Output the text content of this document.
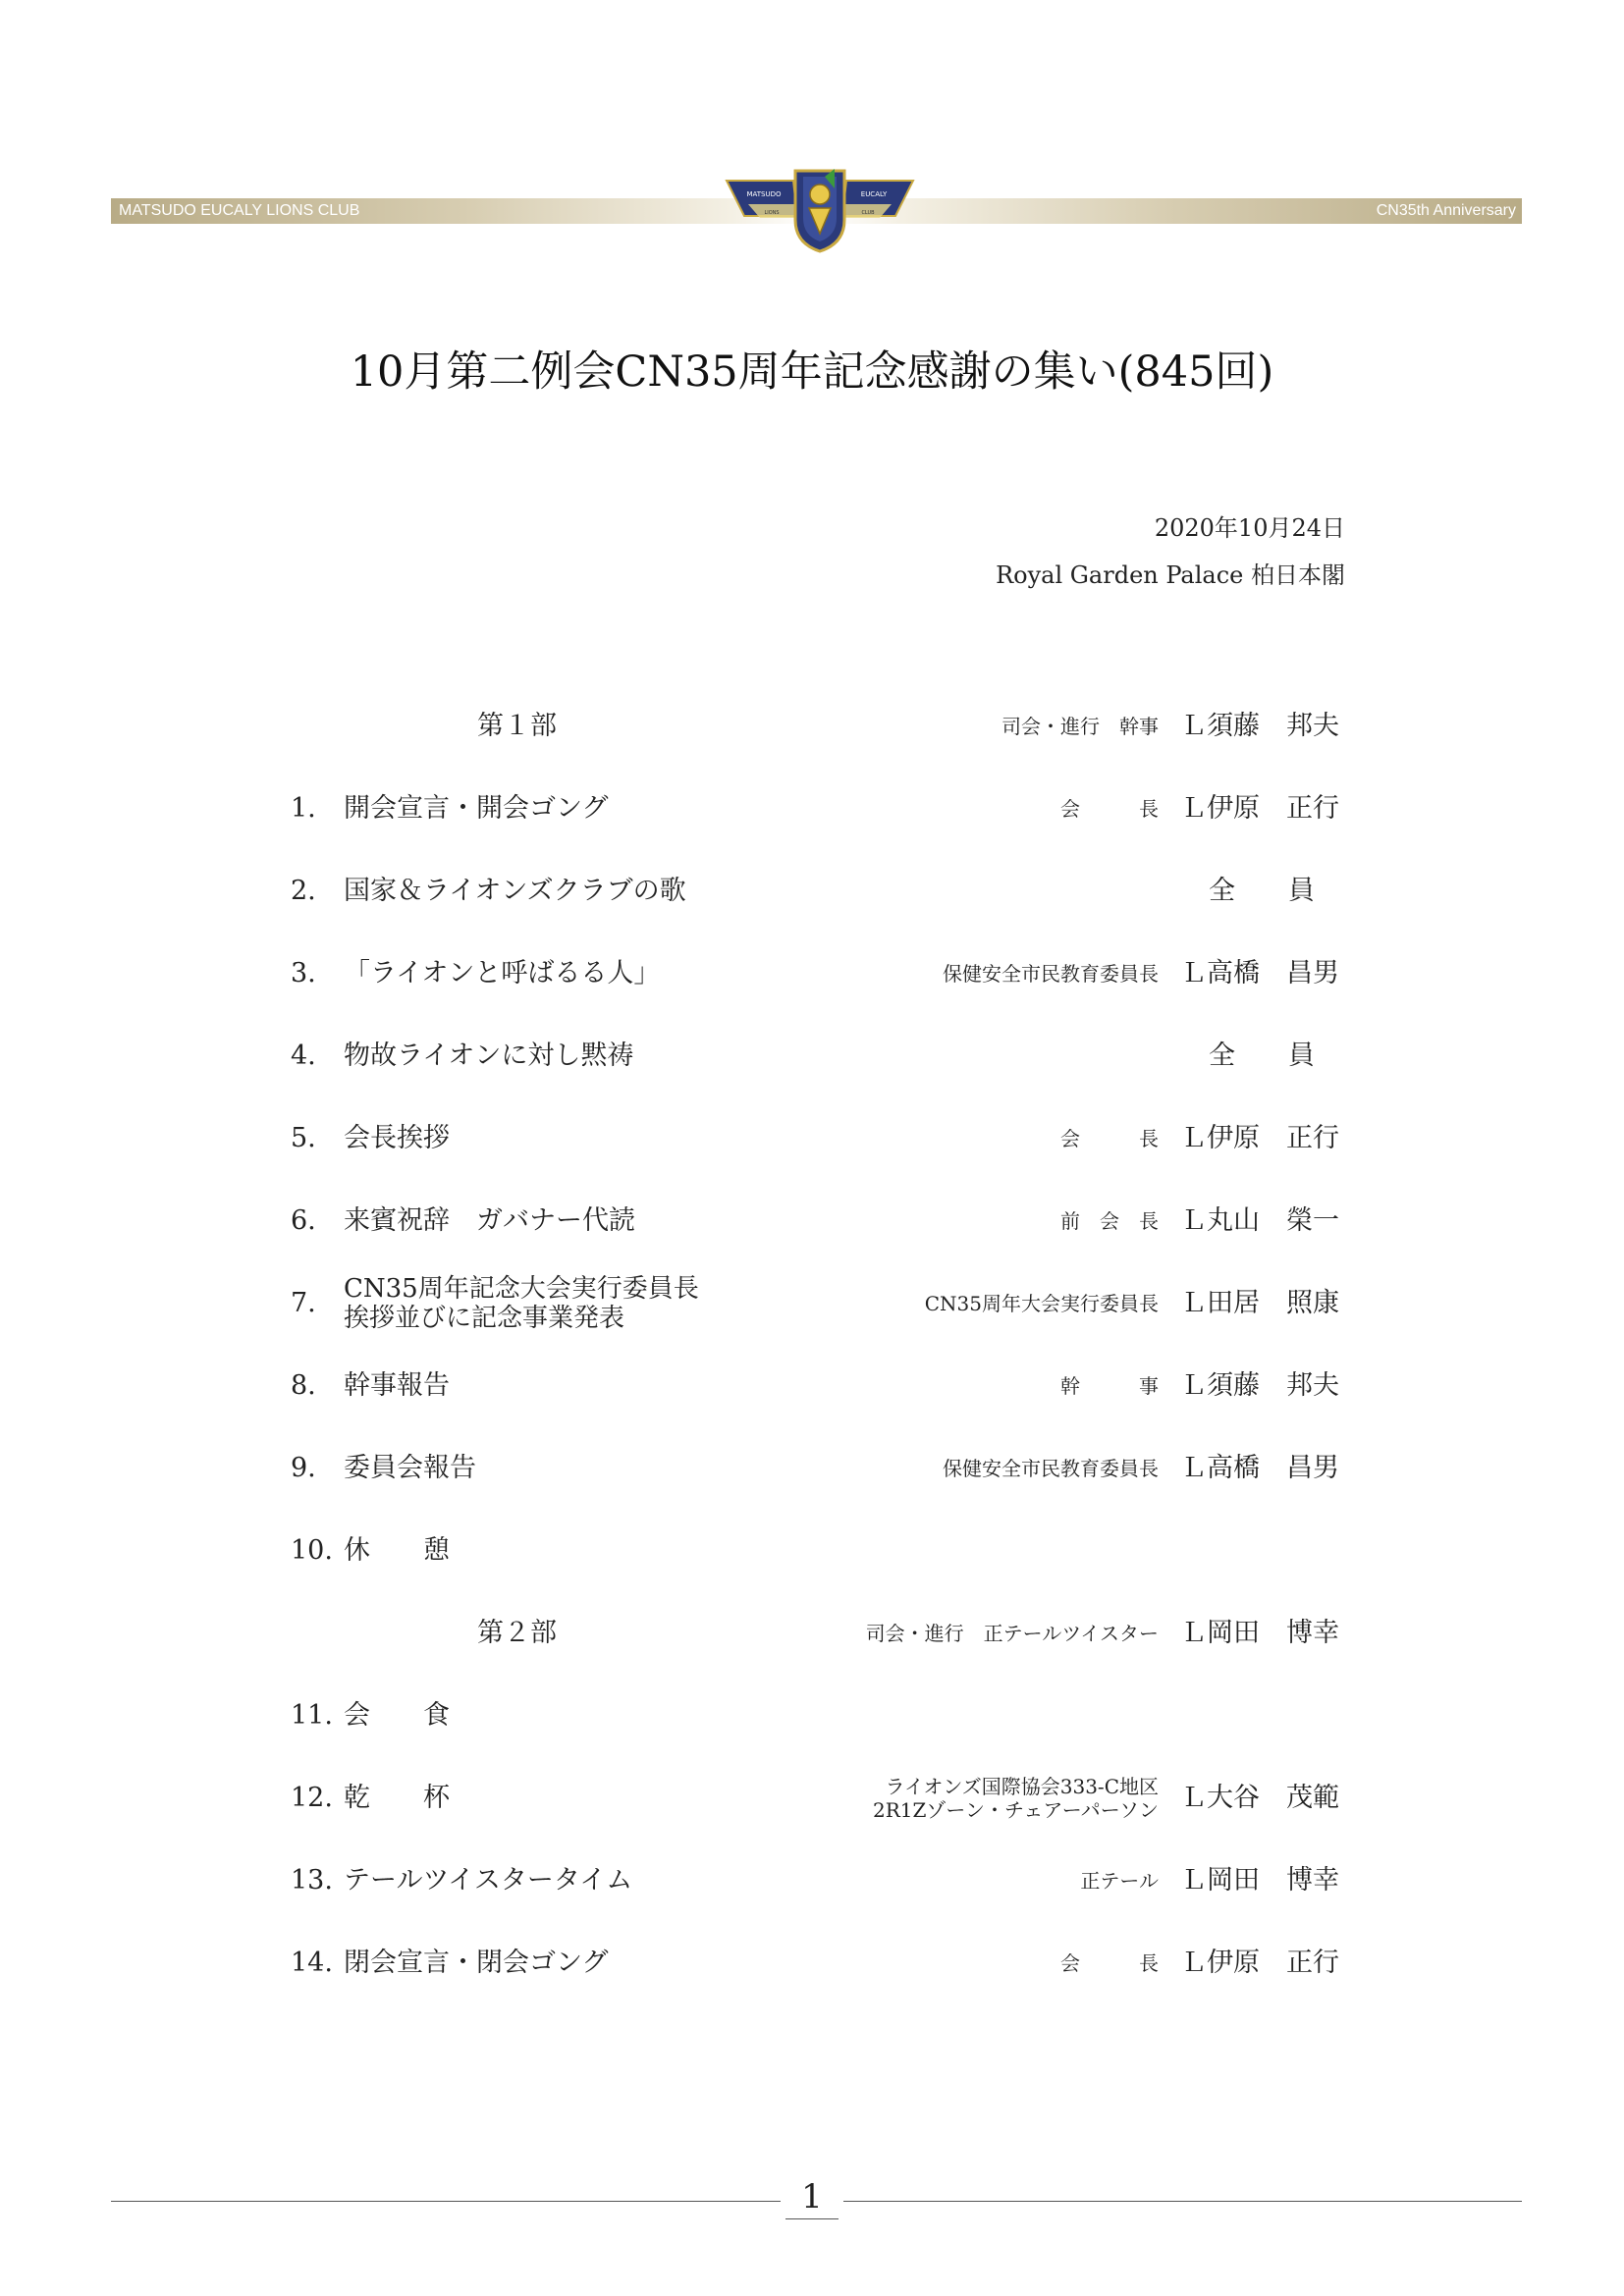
MATSUDO EUCALY LIONS CLUB	CN35th Anniversary
MATSUDO	EUCALY
LIONS	CLUB
10月第二例会CN35周年記念感謝の集い(845回)
2020年10月24日
Royal Garden Palace 柏日本閣
第１部	司会・進行　幹事 Ｌ須藤　邦夫
1.	開会宣言・開会ゴング	会　　　長 Ｌ伊原　正行
2.	国家＆ライオンズクラブの歌	全　　員
3.	「ライオンと呼ばるる人」	保健安全市民教育委員長 Ｌ高橋　昌男
4.	物故ライオンに対し黙祷	全　　員
5.	会長挨拶	会　　　長 Ｌ伊原　正行
6.	来賓祝辞　ガバナー代読	前　会　長 Ｌ丸山　榮一
7.	CN35周年記念大会実行委員長
挨拶並びに記念事業発表	CN35周年大会実行委員長 Ｌ田居　照康
8.	幹事報告	幹　　　事 Ｌ須藤　邦夫
9.	委員会報告	保健安全市民教育委員長 Ｌ高橋　昌男
10. 休　　憩
第２部	司会・進行　正テールツイスター Ｌ岡田　博幸
11. 会　　食
12. 乾　　杯	ライオンズ国際協会333-C地区
2R1Zゾーン・チェアーパーソン Ｌ大谷　茂範
13. テールツイスタータイム	正テール Ｌ岡田　博幸
14. 閉会宣言・閉会ゴング	会　　　長 Ｌ伊原　正行
1
